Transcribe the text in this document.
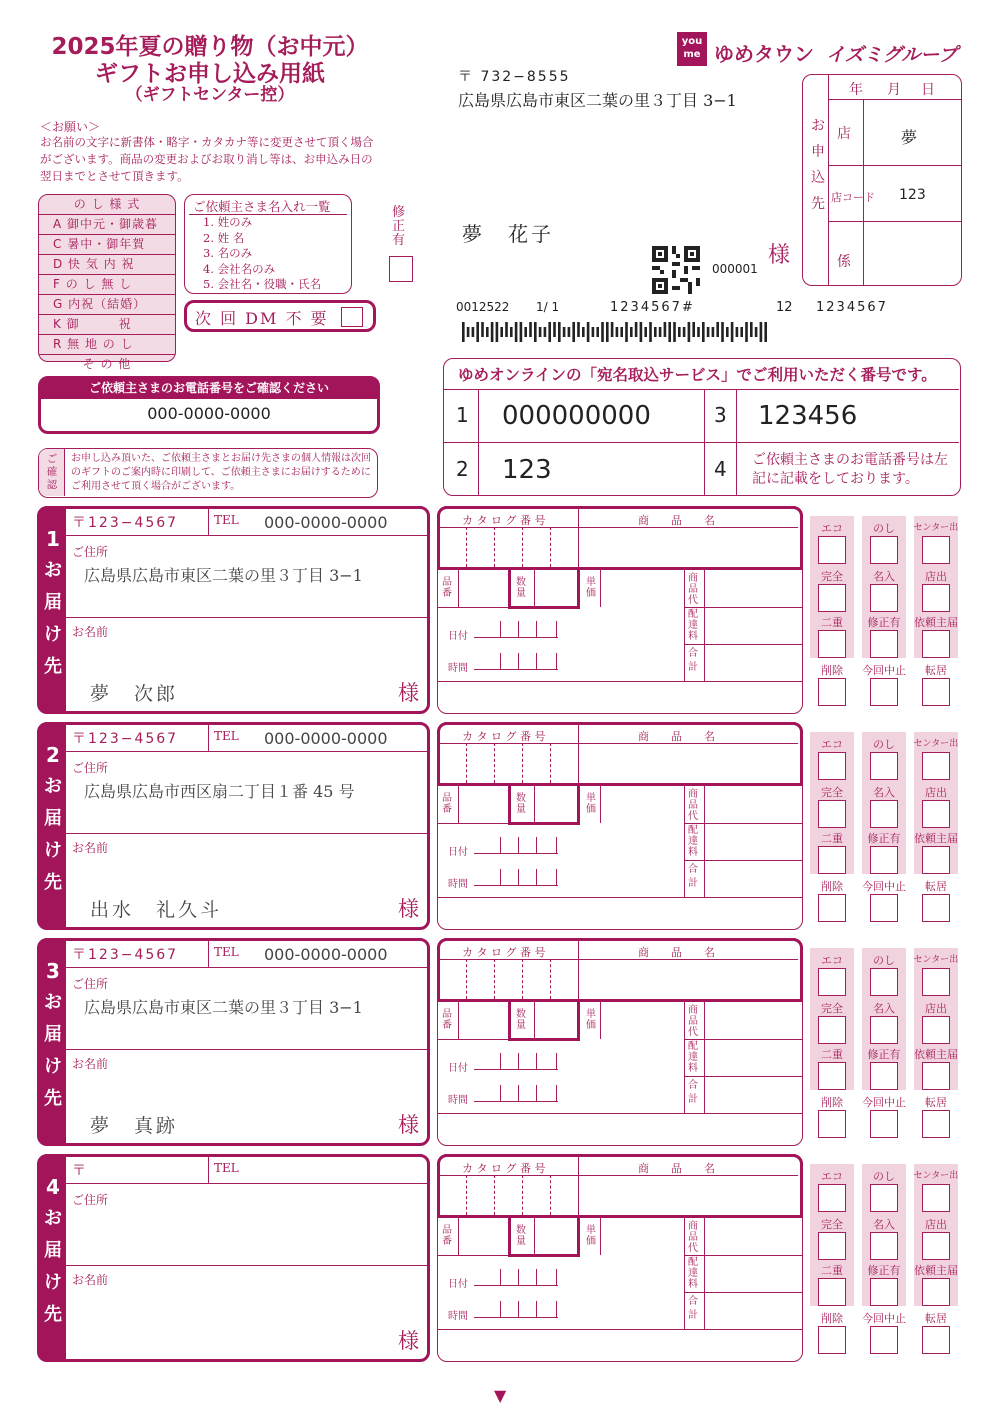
2025年夏の贈り物（お中元）
ギフトお申し込み用紙
（ギフトセンター控）
＜お願い＞
お名前の文字に新書体・略字・カタカナ等に変更させて頂く場合がございます。商品の変更およびお取り消し等は、お申込み日の翌日までとさせて頂きます。
you me ゆめタウン イズミグループ
〒 732−8555
広島県広島市東区二葉の里３丁目 3−1
夢　花子
様
000001
0012522 1/ 1	1234567#	12 1234567
お
申
込
先
年 月 日
店	夢
店コード 123
係
の し 様 式
A 御中元・御歳暮
C 暑中・御年賀
D 快 気 内 祝
F の し 無 し
G 内祝（結婚）
K 御　　　祝
R 無 地 の し
そ の 他
ご依頼主さま名入れ一覧
1. 姓のみ
2. 姓 名
3. 名のみ
4. 会社名のみ
5. 会社名・役職・氏名
修正有
次 回 DM 不 要
ご依頼主さまのお電話番号をご確認ください
000-0000-0000
ご確認
お申し込み頂いた、ご依頼主さまとお届け先さまの個人情報は次回のギフトのご案内時に印刷して、ご依頼主さまにお届けするためにご利用させて頂く場合がございます。
ゆめオンラインの「宛名取込サービス」でご利用いただく番号です。
1 000000000	3 123456
2 123	4 ご依頼主さまのお電話番号は左記に記載をしております。
1
お
届
け
先
〒123−4567	TEL 000-0000-0000
ご住所
広島県広島市東区二葉の里３丁目 3−1
お名前
夢　次郎	様
カ タ ロ グ 番 号	商　　品　　名
品番
数量
単価
商品代
配達料
合計
日付
時間
エコ	のし	センター出
完全	名入	店出
二重	修正有	依頼主届
削除	今回中止	転居
2
お
届
け
先
〒123−4567	TEL 000-0000-0000
ご住所
広島県広島市西区扇二丁目１番 45 号
お名前
出水　礼久斗	様
カ タ ロ グ 番 号	商　　品　　名
品番
数量
単価
商品代
配達料
合計
日付
時間
エコ	のし	センター出
完全	名入	店出
二重	修正有	依頼主届
削除	今回中止	転居
3
お
届
け
先
〒123−4567	TEL 000-0000-0000
ご住所
広島県広島市東区二葉の里３丁目 3−1
お名前
夢　真跡	様
カ タ ロ グ 番 号	商　　品　　名
品番
数量
単価
商品代
配達料
合計
日付
時間
エコ	のし	センター出
完全	名入	店出
二重	修正有	依頼主届
削除	今回中止	転居
4
お
届
け
先
〒	TEL
ご住所
お名前
様
カ タ ロ グ 番 号	商　　品　　名
品番
数量
単価
商品代
配達料
合計
日付
時間
エコ	のし	センター出
完全	名入	店出
二重	修正有	依頼主届
削除	今回中止	転居
▼
